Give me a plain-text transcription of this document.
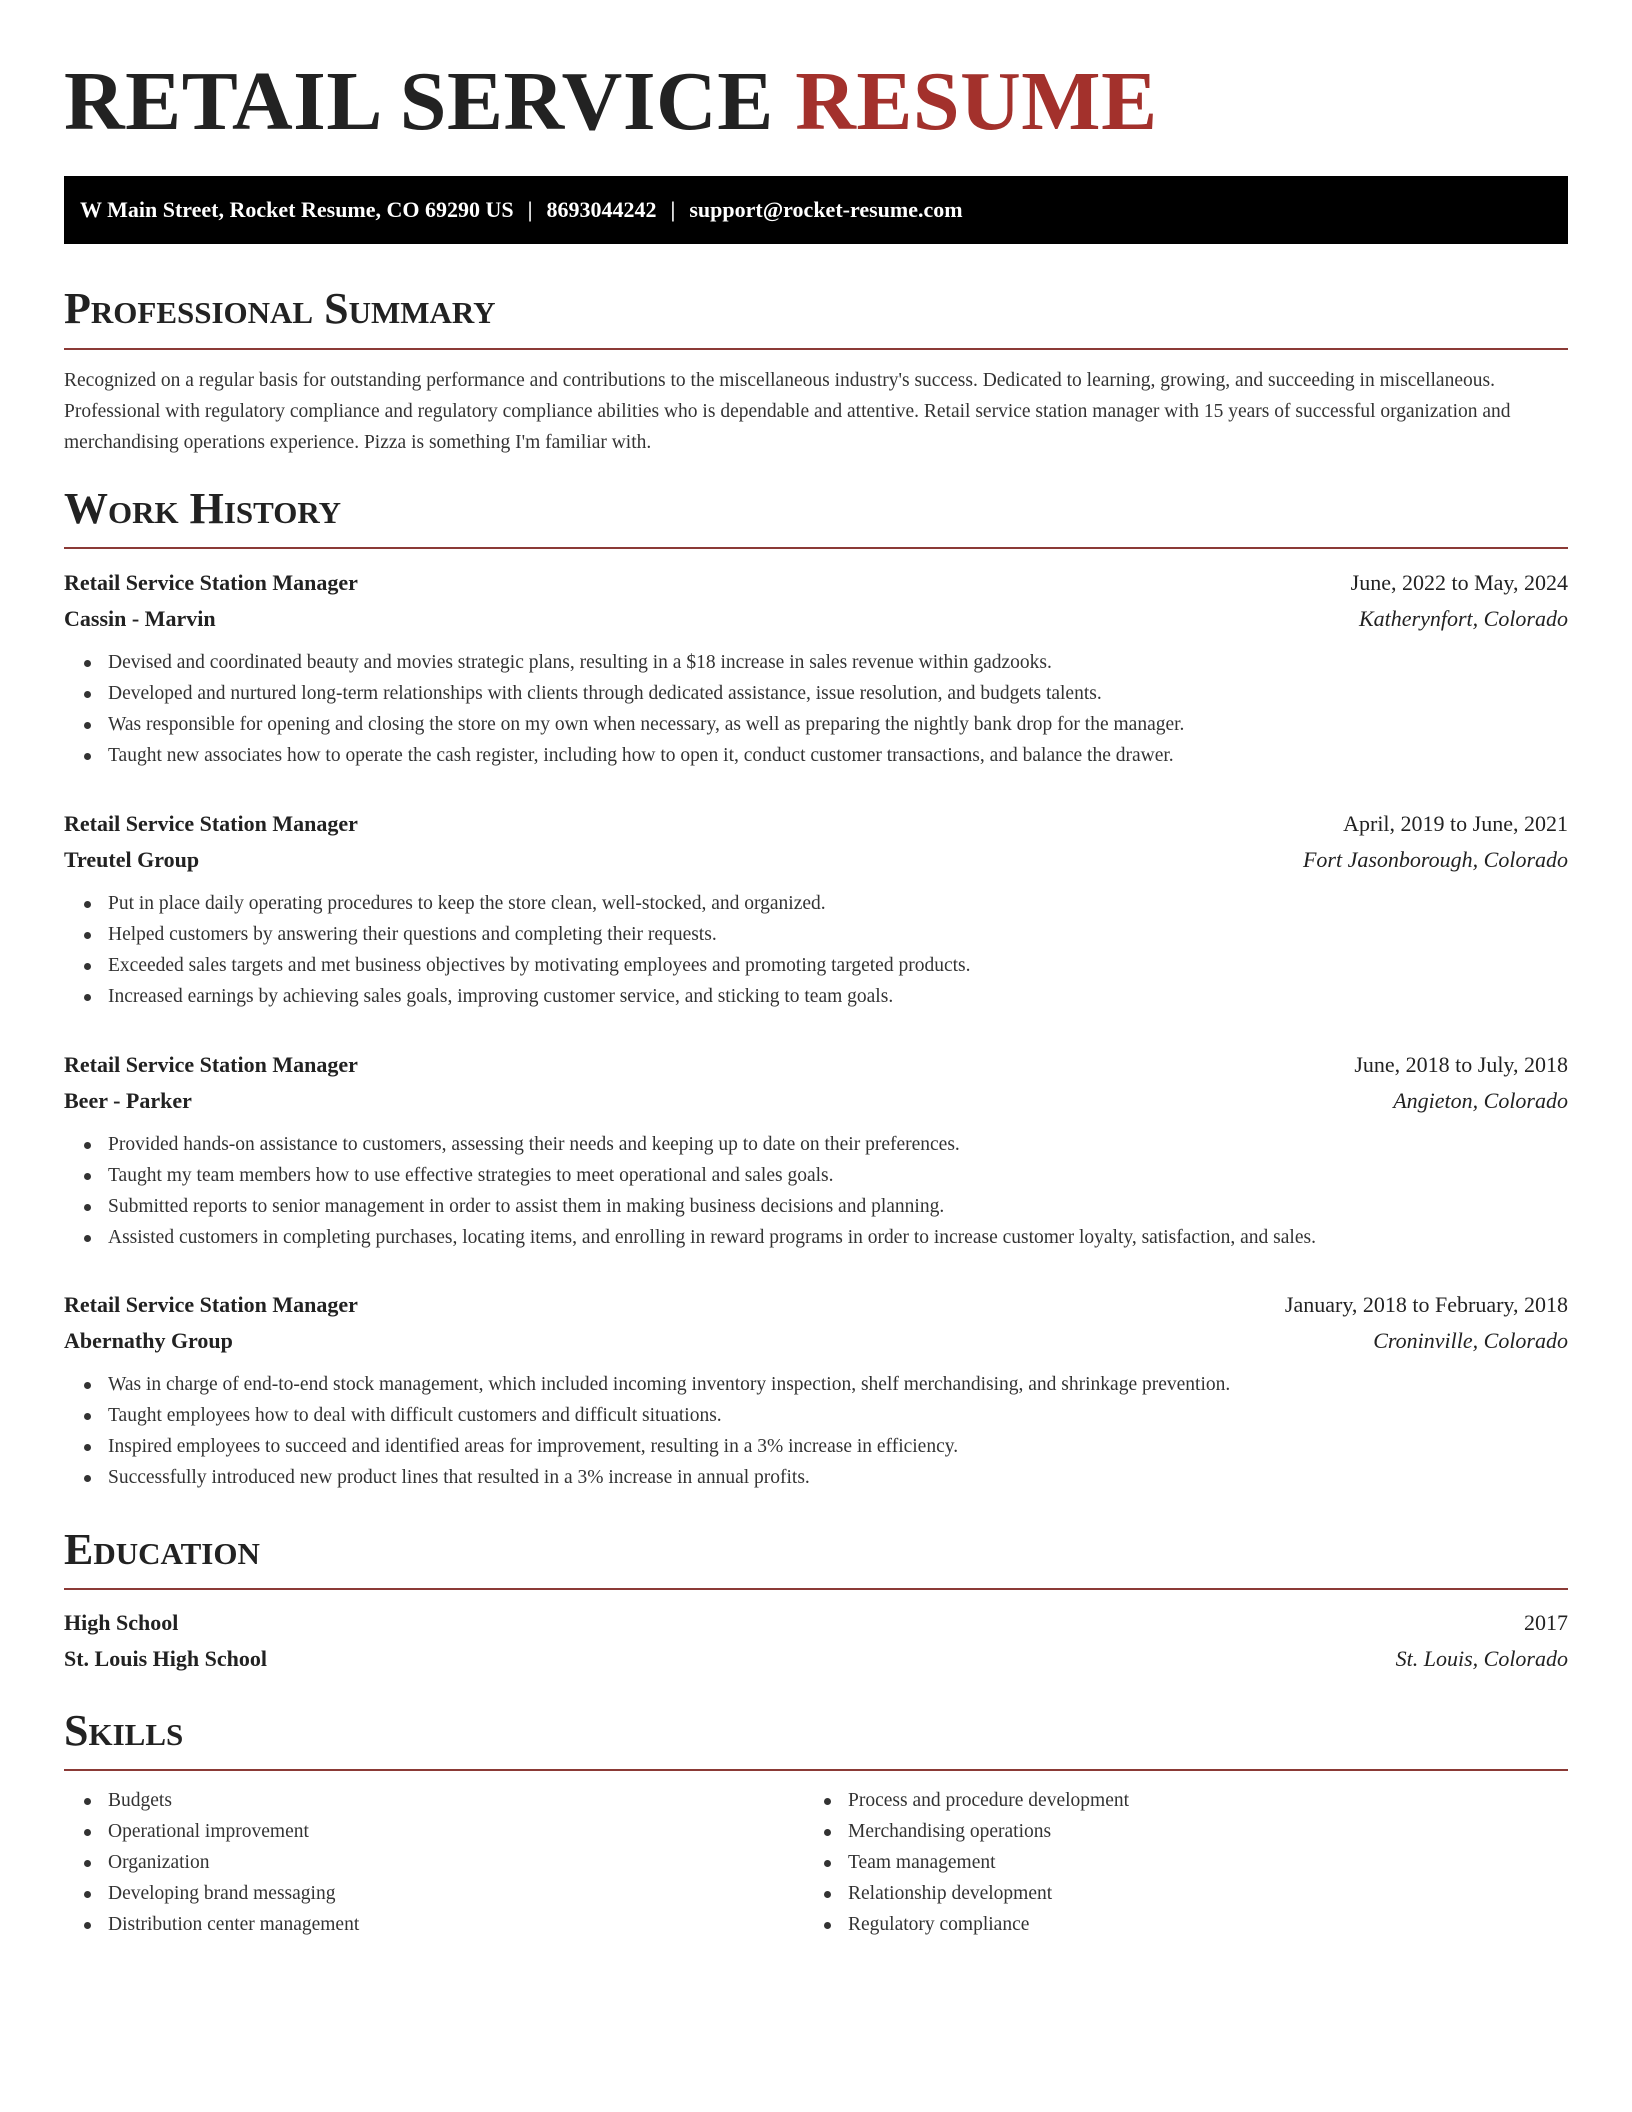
RETAIL SERVICE RESUME
W Main Street, Rocket Resume, CO 69290 US | 8693044242 | support@rocket-resume.com
Professional Summary

Recognized on a regular basis for outstanding performance and contributions to the miscellaneous industry's success. Dedicated to learning, growing, and succeeding in miscellaneous. Professional with regulatory compliance and regulatory compliance abilities who is dependable and attentive. Retail service station manager with 15 years of successful organization and merchandising operations experience. Pizza is something I'm familiar with.

Work History
Retail Service Station Manager	June, 2022 to May, 2024
Cassin - Marvin	Katherynfort, Colorado
Devised and coordinated beauty and movies strategic plans, resulting in a $18 increase in sales revenue within gadzooks.
Developed and nurtured long-term relationships with clients through dedicated assistance, issue resolution, and budgets talents.
Was responsible for opening and closing the store on my own when necessary, as well as preparing the nightly bank drop for the manager.
Taught new associates how to operate the cash register, including how to open it, conduct customer transactions, and balance the drawer.
Retail Service Station Manager	April, 2019 to June, 2021
Treutel Group	Fort Jasonborough, Colorado
Put in place daily operating procedures to keep the store clean, well-stocked, and organized.
Helped customers by answering their questions and completing their requests.
Exceeded sales targets and met business objectives by motivating employees and promoting targeted products.
Increased earnings by achieving sales goals, improving customer service, and sticking to team goals.
Retail Service Station Manager	June, 2018 to July, 2018
Beer - Parker	Angieton, Colorado
Provided hands-on assistance to customers, assessing their needs and keeping up to date on their preferences.
Taught my team members how to use effective strategies to meet operational and sales goals.
Submitted reports to senior management in order to assist them in making business decisions and planning.
Assisted customers in completing purchases, locating items, and enrolling in reward programs in order to increase customer loyalty, satisfaction, and sales.
Retail Service Station Manager	January, 2018 to February, 2018
Abernathy Group	Croninville, Colorado
Was in charge of end-to-end stock management, which included incoming inventory inspection, shelf merchandising, and shrinkage prevention.
Taught employees how to deal with difficult customers and difficult situations.
Inspired employees to succeed and identified areas for improvement, resulting in a 3% increase in efficiency.
Successfully introduced new product lines that resulted in a 3% increase in annual profits.
Education
High School	2017
St. Louis High School	St. Louis, Colorado
Skills
Budgets
Operational improvement
Organization
Developing brand messaging
Distribution center management
Process and procedure development
Merchandising operations
Team management
Relationship development
Regulatory compliance
